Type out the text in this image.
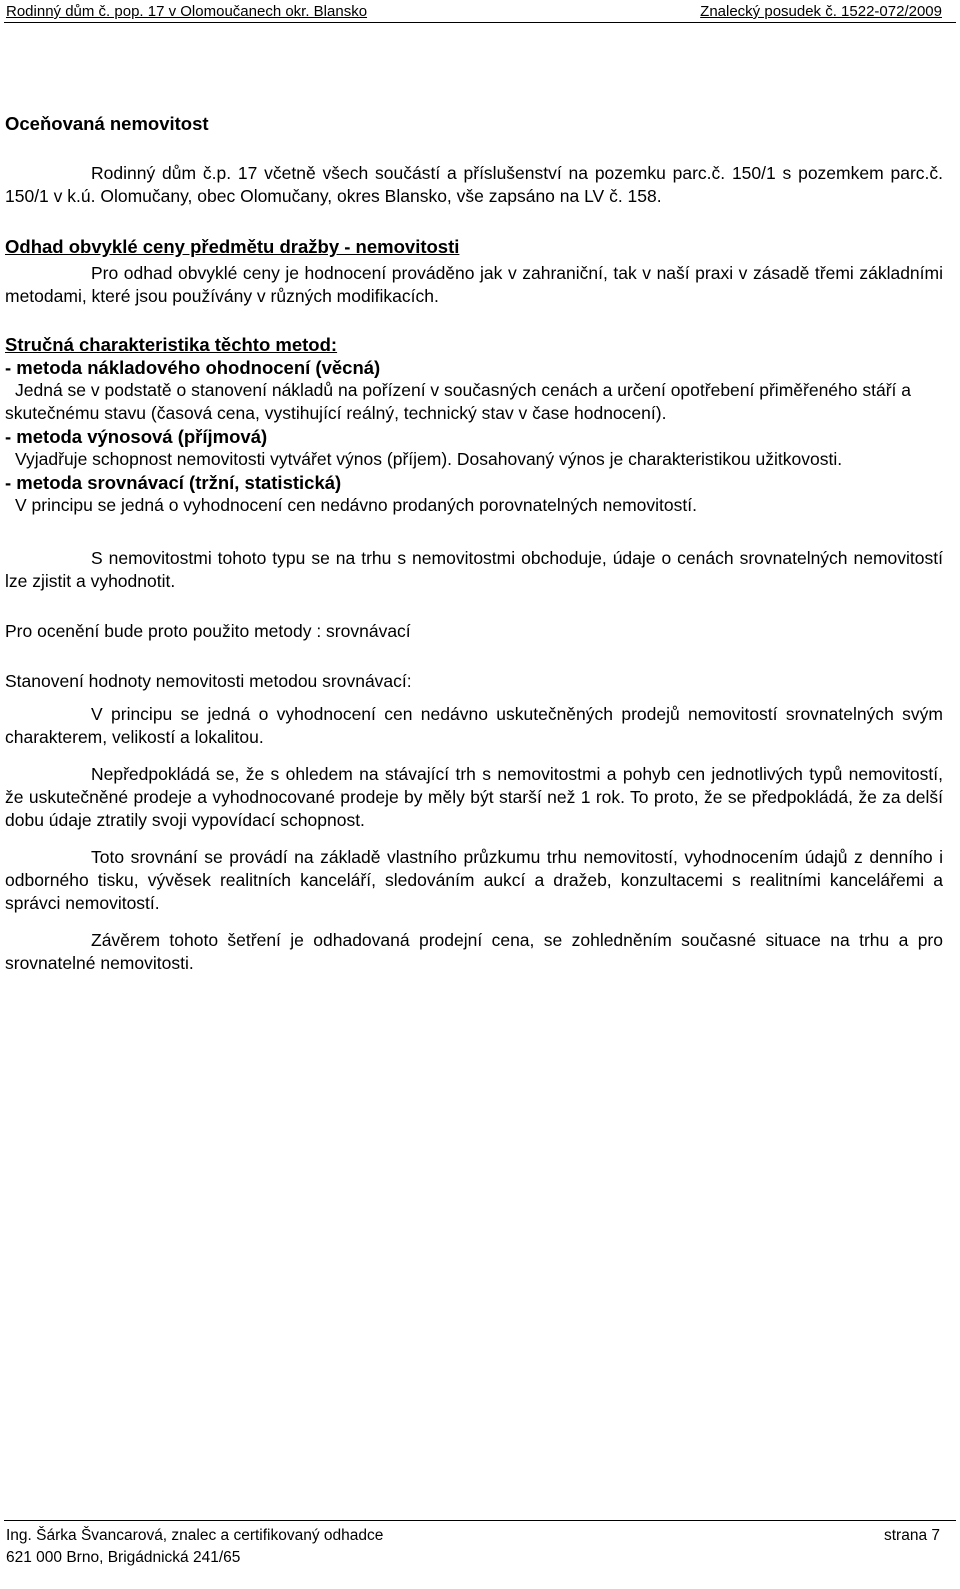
Rodinný dům č. pop. 17 v Olomoučanech okr. Blansko	Znalecký posudek č. 1522-072/2009

Oceňovaná nemovitost

Rodinný dům č.p. 17 včetně všech součástí a příslušenství na pozemku parc.č. 150/1 s pozemkem parc.č. 150/1 v k.ú. Olomučany, obec Olomučany, okres Blansko, vše zapsáno na LV č. 158.

Odhad obvyklé ceny předmětu dražby - nemovitosti

Pro odhad obvyklé ceny je hodnocení prováděno jak v zahraniční, tak v naší praxi v zásadě třemi základními metodami, které jsou používány v různých modifikacích.

Stručná charakteristika těchto metod:

- metoda nákladového ohodnocení (věcná)

Jedná se v podstatě o stanovení nákladů na pořízení v současných cenách a určení opotřebení přiměřeného stáří a skutečnému stavu (časová cena, vystihující reálný, technický stav v čase hodnocení).

- metoda výnosová (příjmová)

Vyjadřuje schopnost nemovitosti vytvářet výnos (příjem). Dosahovaný výnos je charakteristikou užitkovosti.

- metoda srovnávací (tržní, statistická)

V principu se jedná o vyhodnocení cen nedávno prodaných porovnatelných nemovitostí.

S nemovitostmi tohoto typu se na trhu s nemovitostmi obchoduje, údaje o cenách srovnatelných nemovitostí lze zjistit a vyhodnotit.

Pro ocenění bude proto použito metody : srovnávací

Stanovení hodnoty nemovitosti metodou srovnávací:

V principu se jedná o vyhodnocení cen nedávno uskutečněných prodejů nemovitostí srovnatelných svým charakterem, velikostí a lokalitou.

Nepředpokládá se, že s ohledem na stávající trh s nemovitostmi a pohyb cen jednotlivých typů nemovitostí, že uskutečněné prodeje a vyhodnocované prodeje by měly být starší než 1 rok. To proto, že se předpokládá, že za delší dobu údaje ztratily svoji vypovídací schopnost.

Toto srovnání se provádí na základě vlastního průzkumu trhu nemovitostí, vyhodnocením údajů z denního i odborného tisku, vývěsek realitních kanceláří, sledováním aukcí a dražeb, konzultacemi s realitními kancelářemi a správci nemovitostí.

Závěrem tohoto šetření je odhadovaná prodejní cena, se zohledněním současné situace na trhu a pro srovnatelné nemovitosti.

Ing. Šárka Švancarová, znalec a certifikovaný odhadce	strana 7
621 000 Brno, Brigádnická 241/65
